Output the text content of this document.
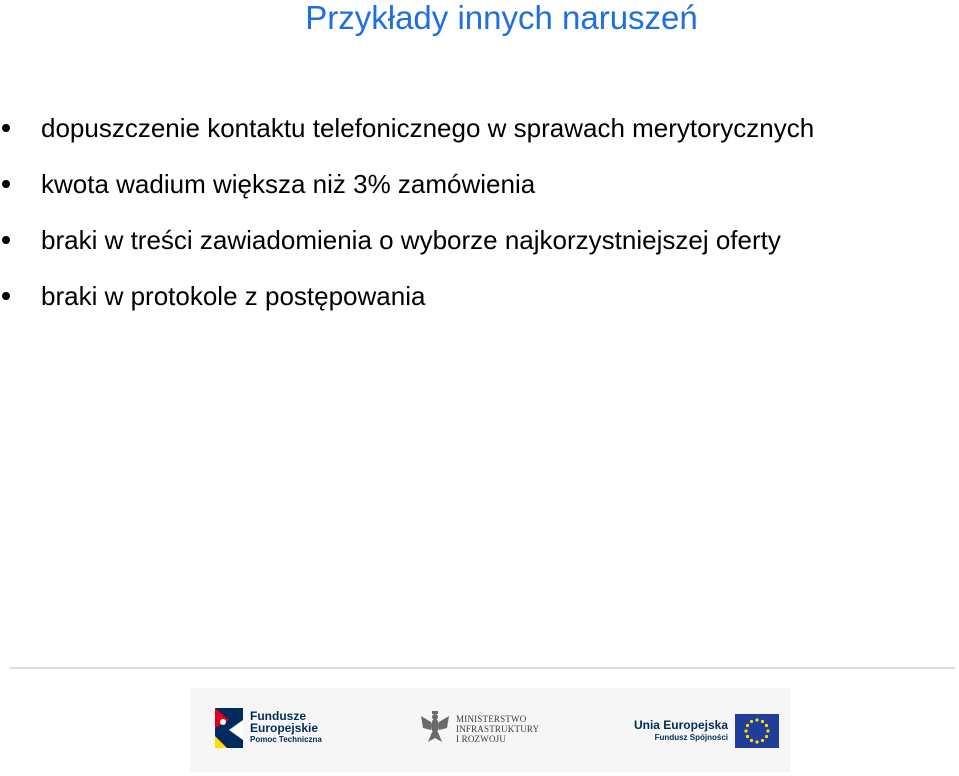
Przykłady innych naruszeń
dopuszczenie kontaktu telefonicznego w sprawach merytorycznych
kwota wadium większa niż 3% zamówienia
braki w treści zawiadomienia o wyborze najkorzystniejszej oferty
braki w protokole z postępowania
Fundusze
Europejskie
Pomoc Techniczna
MINISTERSTWO
INFRASTRUKTURY
I ROZWOJU
Unia Europejska
Fundusz Spójności
